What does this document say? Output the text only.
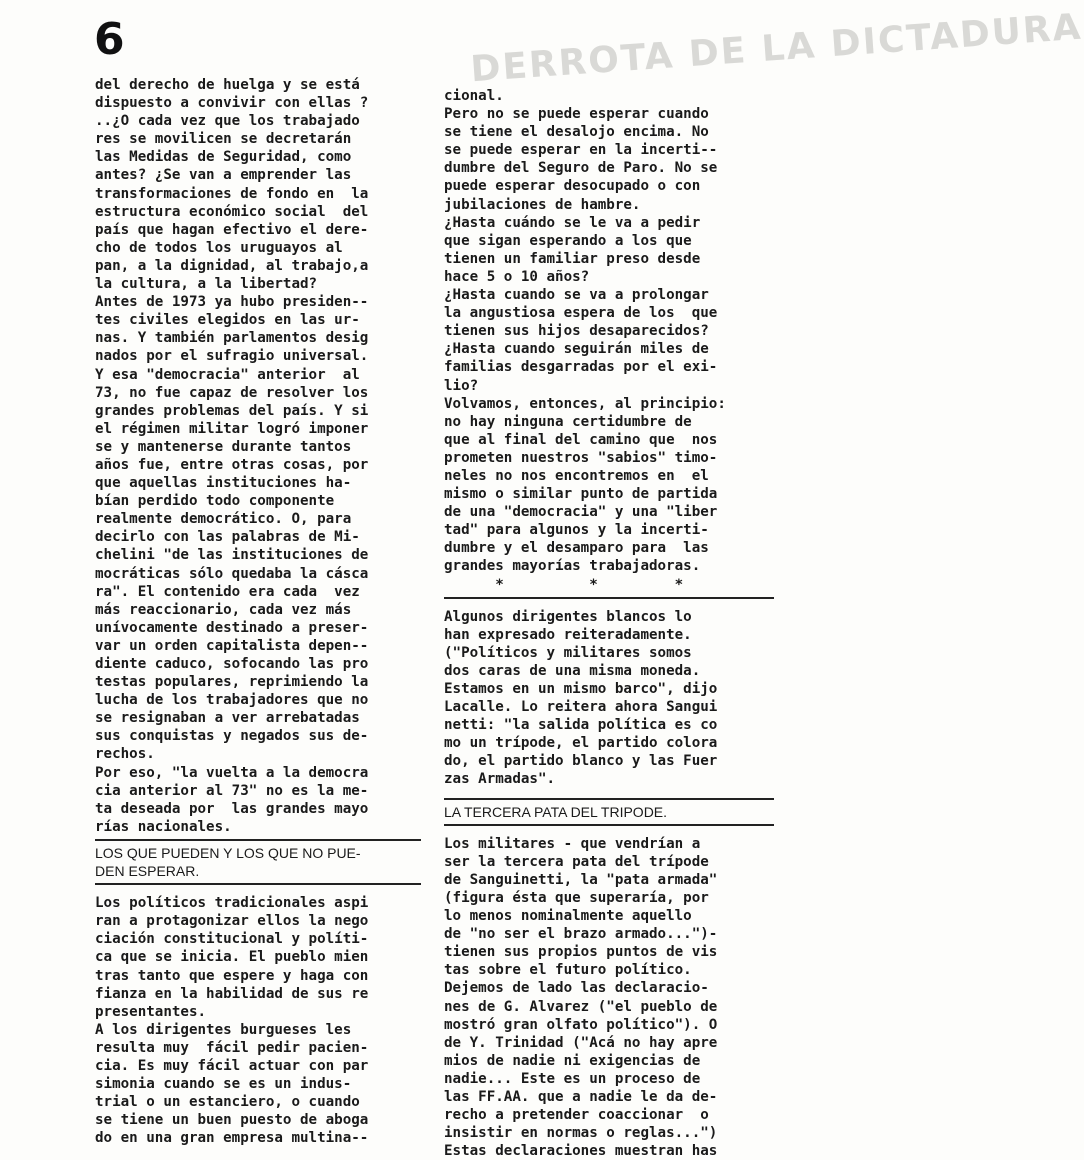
6	DERROTA DE LA DICTADURA
del derecho de huelga y se está
dispuesto a convivir con ellas ?
..¿O cada vez que los trabajado
res se movilicen se decretarán
las Medidas de Seguridad, como
antes? ¿Se van a emprender las
transformaciones de fondo en  la
estructura económico social  del
país que hagan efectivo el dere-
cho de todos los uruguayos al
pan, a la dignidad, al trabajo,a
la cultura, a la libertad?
Antes de 1973 ya hubo presiden--
tes civiles elegidos en las ur-
nas. Y también parlamentos desig
nados por el sufragio universal.
Y esa "democracia" anterior  al
73, no fue capaz de resolver los
grandes problemas del país. Y si
el régimen militar logró imponer
se y mantenerse durante tantos
años fue, entre otras cosas, por
que aquellas instituciones ha-
bían perdido todo componente
realmente democrático. O, para
decirlo con las palabras de Mi-
chelini "de las instituciones de
mocráticas sólo quedaba la cásca
ra". El contenido era cada  vez
más reaccionario, cada vez más
unívocamente destinado a preser-
var un orden capitalista depen--
diente caduco, sofocando las pro
testas populares, reprimiendo la
lucha de los trabajadores que no
se resignaban a ver arrebatadas
sus conquistas y negados sus de-
rechos.
Por eso, "la vuelta a la democra
cia anterior al 73" no es la me-
ta deseada por  las grandes mayo
rías nacionales.
LOS QUE PUEDEN Y LOS QUE NO PUE-
DEN ESPERAR.
Los políticos tradicionales aspi
ran a protagonizar ellos la nego
ciación constitucional y políti-
ca que se inicia. El pueblo mien
tras tanto que espere y haga con
fianza en la habilidad de sus re
presentantes.
A los dirigentes burgueses les
resulta muy  fácil pedir pacien-
cia. Es muy fácil actuar con par
simonia cuando se es un indus-
trial o un estanciero, o cuando
se tiene un buen puesto de aboga
do en una gran empresa multina--
cional.
Pero no se puede esperar cuando
se tiene el desalojo encima. No
se puede esperar en la incerti--
dumbre del Seguro de Paro. No se
puede esperar desocupado o con
jubilaciones de hambre.
¿Hasta cuándo se le va a pedir
que sigan esperando a los que
tienen un familiar preso desde
hace 5 o 10 años?
¿Hasta cuando se va a prolongar
la angustiosa espera de los  que
tienen sus hijos desaparecidos?
¿Hasta cuando seguirán miles de
familias desgarradas por el exi-
lio?
Volvamos, entonces, al principio:
no hay ninguna certidumbre de
que al final del camino que  nos
prometen nuestros "sabios" timo-
neles no nos encontremos en  el
mismo o similar punto de partida
de una "democracia" y una "liber
tad" para algunos y la incerti-
dumbre y el desamparo para  las
grandes mayorías trabajadoras.
*          *         *
Algunos dirigentes blancos lo
han expresado reiteradamente.
("Políticos y militares somos
dos caras de una misma moneda.
Estamos en un mismo barco", dijo
Lacalle. Lo reitera ahora Sangui
netti: "la salida política es co
mo un trípode, el partido colora
do, el partido blanco y las Fuer
zas Armadas".
LA TERCERA PATA DEL TRIPODE.
Los militares - que vendrían a
ser la tercera pata del trípode
de Sanguinetti, la "pata armada"
(figura ésta que superaría, por
lo menos nominalmente aquello
de "no ser el brazo armado...")-
tienen sus propios puntos de vis
tas sobre el futuro político.
Dejemos de lado las declaracio-
nes de G. Alvarez ("el pueblo de
mostró gran olfato político"). O
de Y. Trinidad ("Acá no hay apre
mios de nadie ni exigencias de
nadie... Este es un proceso de
las FF.AA. que a nadie le da de-
recho a pretender coaccionar  o
insistir en normas o reglas...")
Estas declaraciones muestran has
